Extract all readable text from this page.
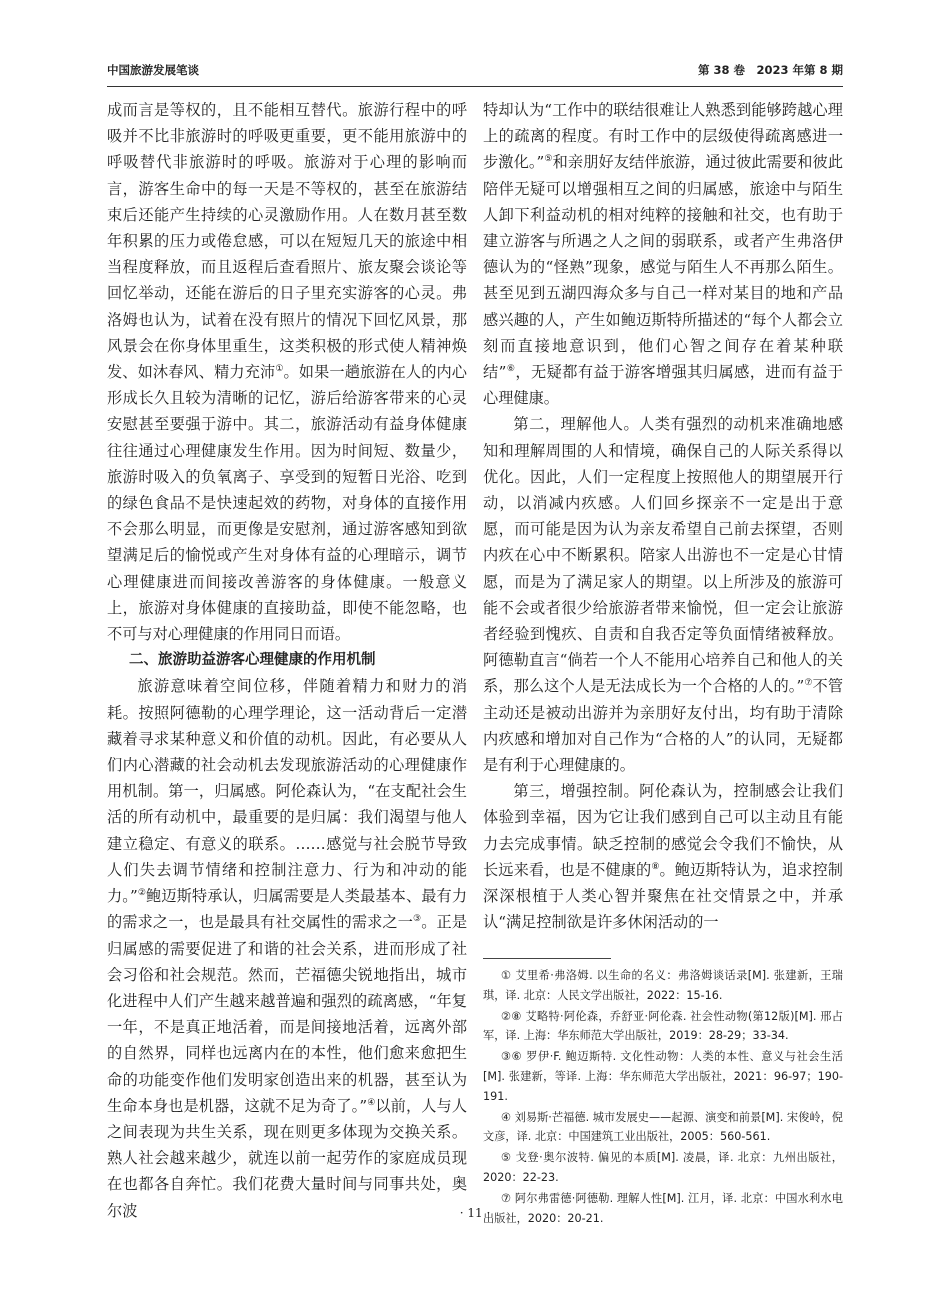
中国旅游发展笔谈	第 38 卷　2023 年第 8 期

成而言是等权的，且不能相互替代。旅游行程中的呼吸并不比非旅游时的呼吸更重要，更不能用旅游中的呼吸替代非旅游时的呼吸。旅游对于心理的影响而言，游客生命中的每一天是不等权的，甚至在旅游结束后还能产生持续的心灵激励作用。人在数月甚至数年积累的压力或倦怠感，可以在短短几天的旅途中相当程度释放，而且返程后查看照片、旅友聚会谈论等回忆举动，还能在游后的日子里充实游客的心灵。弗洛姆也认为，试着在没有照片的情况下回忆风景，那风景会在你身体里重生，这类积极的形式使人精神焕发、如沐春风、精力充沛①。如果一趟旅游在人的内心形成长久且较为清晰的记忆，游后给游客带来的心灵安慰甚至要强于游中。其二，旅游活动有益身体健康往往通过心理健康发生作用。因为时间短、数量少，旅游时吸入的负氧离子、享受到的短暂日光浴、吃到的绿色食品不是快速起效的药物，对身体的直接作用不会那么明显，而更像是安慰剂，通过游客感知到欲望满足后的愉悦或产生对身体有益的心理暗示，调节心理健康进而间接改善游客的身体健康。一般意义上，旅游对身体健康的直接助益，即使不能忽略，也不可与对心理健康的作用同日而语。

二、旅游助益游客心理健康的作用机制

旅游意味着空间位移，伴随着精力和财力的消耗。按照阿德勒的心理学理论，这一活动背后一定潜藏着寻求某种意义和价值的动机。因此，有必要从人们内心潜藏的社会动机去发现旅游活动的心理健康作用机制。第一，归属感。阿伦森认为，“在支配社会生活的所有动机中，最重要的是归属：我们渴望与他人建立稳定、有意义的联系。……感觉与社会脱节导致人们失去调节情绪和控制注意力、行为和冲动的能力。”②鲍迈斯特承认，归属需要是人类最基本、最有力的需求之一，也是最具有社交属性的需求之一③。正是归属感的需要促进了和谐的社会关系，进而形成了社会习俗和社会规范。然而，芒福德尖锐地指出，城市化进程中人们产生越来越普遍和强烈的疏离感，“年复一年，不是真正地活着，而是间接地活着，远离外部的自然界，同样也远离内在的本性，他们愈来愈把生命的功能变作他们发明家创造出来的机器，甚至认为生命本身也是机器，这就不足为奇了。”④以前，人与人之间表现为共生关系，现在则更多体现为交换关系。熟人社会越来越少，就连以前一起劳作的家庭成员现在也都各自奔忙。我们花费大量时间与同事共处，奥尔波

特却认为“工作中的联结很难让人熟悉到能够跨越心理上的疏离的程度。有时工作中的层级使得疏离感进一步激化。”⑤和亲朋好友结伴旅游，通过彼此需要和彼此陪伴无疑可以增强相互之间的归属感，旅途中与陌生人卸下利益动机的相对纯粹的接触和社交，也有助于建立游客与所遇之人之间的弱联系，或者产生弗洛伊德认为的“怪熟”现象，感觉与陌生人不再那么陌生。甚至见到五湖四海众多与自己一样对某目的地和产品感兴趣的人，产生如鲍迈斯特所描述的“每个人都会立刻而直接地意识到，他们心智之间存在着某种联结”⑥，无疑都有益于游客增强其归属感，进而有益于心理健康。

第二，理解他人。人类有强烈的动机来准确地感知和理解周围的人和情境，确保自己的人际关系得以优化。因此，人们一定程度上按照他人的期望展开行动，以消减内疚感。人们回乡探亲不一定是出于意愿，而可能是因为认为亲友希望自己前去探望，否则内疚在心中不断累积。陪家人出游也不一定是心甘情愿，而是为了满足家人的期望。以上所涉及的旅游可能不会或者很少给旅游者带来愉悦，但一定会让旅游者经验到愧疚、自责和自我否定等负面情绪被释放。阿德勒直言“倘若一个人不能用心培养自己和他人的关系，那么这个人是无法成长为一个合格的人的。”⑦不管主动还是被动出游并为亲朋好友付出，均有助于清除内疚感和增加对自己作为“合格的人”的认同，无疑都是有利于心理健康的。

第三，增强控制。阿伦森认为，控制感会让我们体验到幸福，因为它让我们感到自己可以主动且有能力去完成事情。缺乏控制的感觉会令我们不愉快，从长远来看，也是不健康的⑧。鲍迈斯特认为，追求控制深深根植于人类心智并聚焦在社交情景之中，并承认“满足控制欲是许多休闲活动的一

① 艾里希·弗洛姆. 以生命的名义：弗洛姆谈话录[M]. 张建新，王瑞琪，译. 北京：人民文学出版社，2022：15-16.

②⑧ 艾略特·阿伦森，乔舒亚·阿伦森. 社会性动物(第12版)[M]. 邢占军，译. 上海：华东师范大学出版社，2019：28-29；33-34.

③⑥ 罗伊·F. 鲍迈斯特. 文化性动物：人类的本性、意义与社会生活[M]. 张建新，等译. 上海：华东师范大学出版社，2021：96-97；190-191.

④ 刘易斯·芒福德. 城市发展史——起源、演变和前景[M]. 宋俊岭，倪文彦，译. 北京：中国建筑工业出版社，2005：560-561.

⑤ 戈登·奥尔波特. 偏见的本质[M]. 凌晨，译. 北京：九州出版社，2020：22-23.

⑦ 阿尔弗雷德·阿德勒. 理解人性[M]. 江月，译. 北京：中国水利水电出版社，2020：20-21.

· 11 ·
